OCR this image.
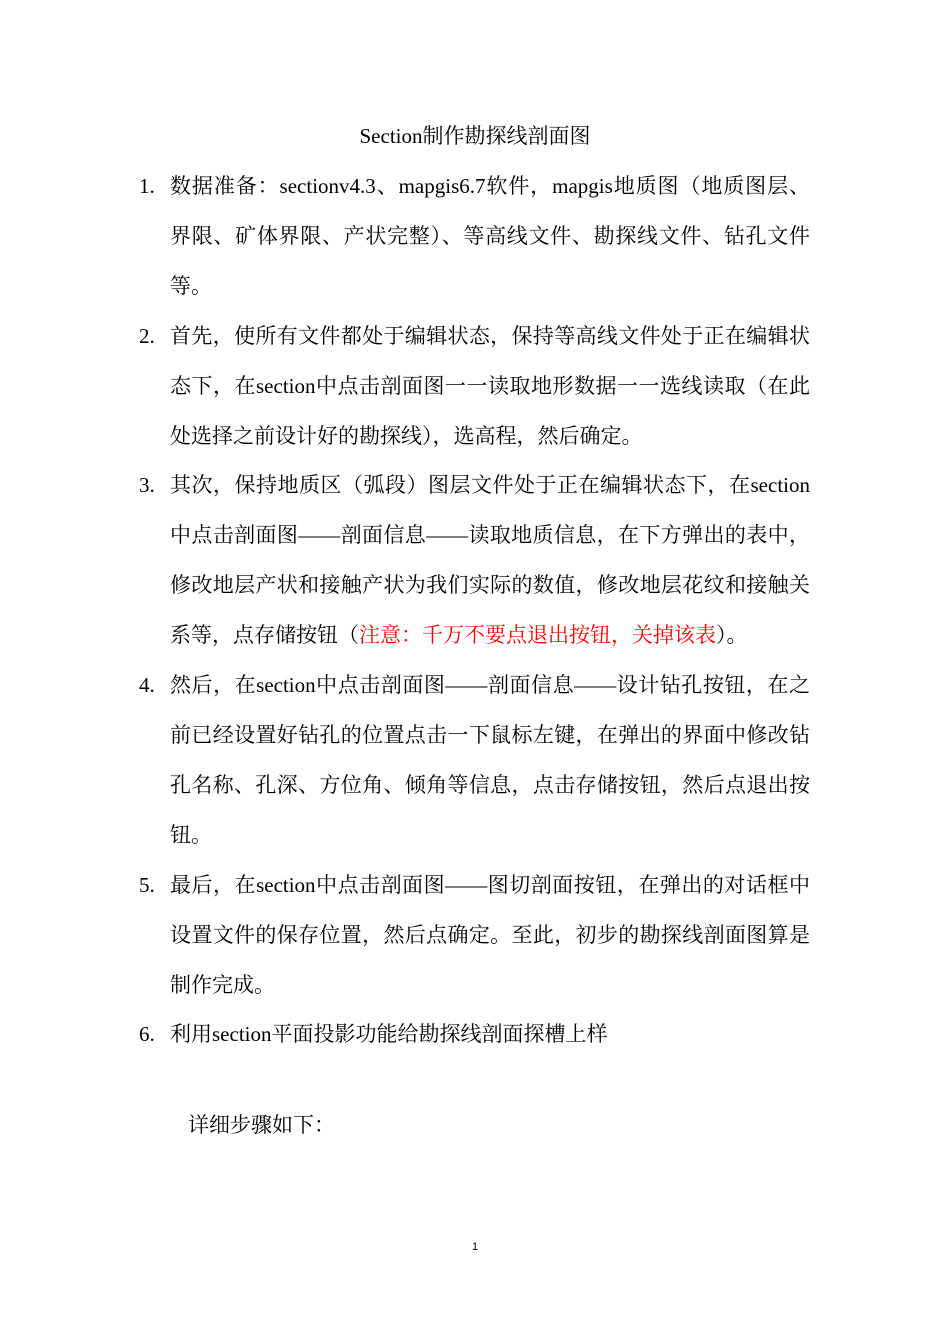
Section制作勘探线剖面图
1. 数据准备：sectionv4.3、mapgis6.7软件，mapgis地质图（地质图层、界限、矿体界限、产状完整）、等高线文件、勘探线文件、钻孔文件等。
2. 首先，使所有文件都处于编辑状态，保持等高线文件处于正在编辑状态下，在section中点击剖面图一一读取地形数据一一选线读取（在此处选择之前设计好的勘探线），选高程，然后确定。
3. 其次，保持地质区（弧段）图层文件处于正在编辑状态下，在section中点击剖面图——剖面信息——读取地质信息，在下方弹出的表中，修改地层产状和接触产状为我们实际的数值，修改地层花纹和接触关系等，点存储按钮（注意：千万不要点退出按钮，关掉该表）。
4. 然后，在section中点击剖面图——剖面信息——设计钻孔按钮，在之前已经设置好钻孔的位置点击一下鼠标左键，在弹出的界面中修改钻孔名称、孔深、方位角、倾角等信息，点击存储按钮，然后点退出按钮。
5. 最后，在section中点击剖面图——图切剖面按钮，在弹出的对话框中设置文件的保存位置，然后点确定。至此，初步的勘探线剖面图算是制作完成。
6. 利用section平面投影功能给勘探线剖面探槽上样
详细步骤如下：
1
